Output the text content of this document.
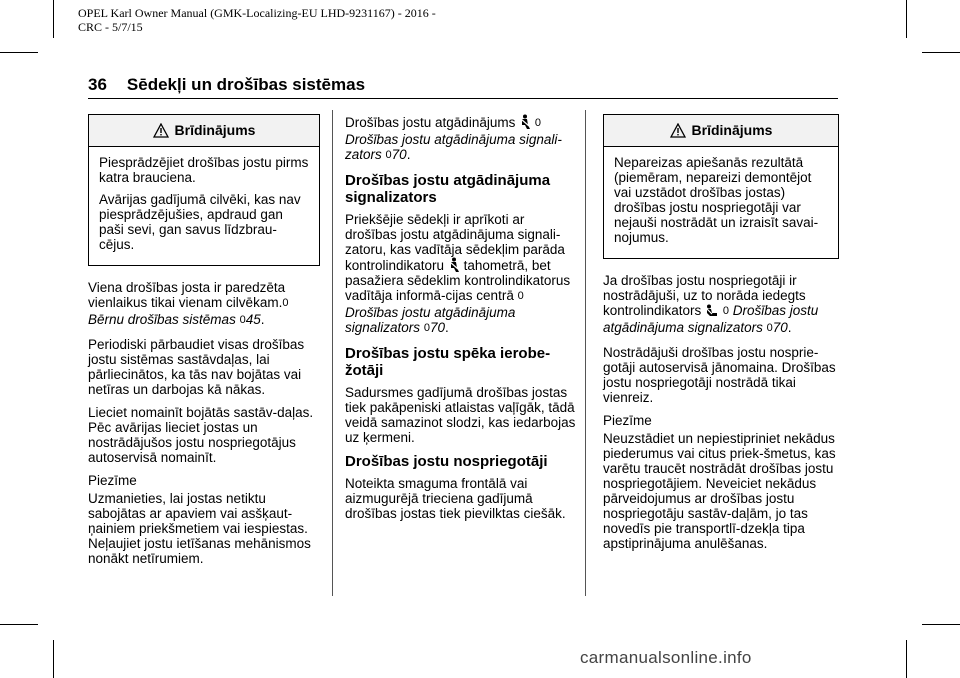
OPEL Karl Owner Manual (GMK-Localizing-EU LHD-9231167) - 2016 -
CRC - 5/7/15
36 Sēdekļi un drošības sistēmas
Brīdinājums

Piesprādzējiet drošības jostu pirms katra brauciena.

Avārijas gadījumā cilvēki, kas nav piesprādzējušies, apdraud gan paši sevi, gan savus līdzbrau-cējus.

Viena drošības josta ir paredzēta vienlaikus tikai vienam cilvēkam.0 Bērnu drošības sistēmas 045.

Periodiski pārbaudiet visas drošības jostu sistēmas sastāvdaļas, lai pārliecinātos, ka tās nav bojātas vai netīras un darbojas kā nākas.

Lieciet nomainīt bojātās sastāv-daļas. Pēc avārijas lieciet jostas un nostrādājušos jostu nospriegotājus autoservisā nomainīt.

Piezīme

Uzmanieties, lai jostas netiktu sabojātas ar apaviem vai asšķaut-ņainiem priekšmetiem vai iespiestas. Neļaujiet jostu ietīšanas mehānismos nonākt netīrumiem.

Drošības jostu atgādinājums 0 Drošības jostu atgādinājuma signali-zators 070.

Drošības jostu atgādinājuma signalizators

Priekšējie sēdekļi ir aprīkoti ar drošības jostu atgādinājuma signali-zatoru, kas vadītāja sēdekļim parāda kontrolindikatoru tahometrā, bet pasažiera sēdeklim kontrolindikatorus vadītāja informā-cijas centrā 0 Drošības jostu atgādinājuma signalizators 070.

Drošības jostu spēka ierobe-žotāji

Sadursmes gadījumā drošības jostas tiek pakāpeniski atlaistas vaļīgāk, tādā veidā samazinot slodzi, kas iedarbojas uz ķermeni.

Drošības jostu nospriegotāji

Noteikta smaguma frontālā vai aizmugurējā trieciena gadījumā drošības jostas tiek pievilktas ciešāk.

Brīdinājums

Nepareizas apiešanās rezultātā (piemēram, nepareizi demontējot vai uzstādot drošības jostas) drošības jostu nospriegotāji var nejauši nostrādāt un izraisīt savai-nojumus.

Ja drošības jostu nospriegotāji ir nostrādājuši, uz to norāda iedegts kontrolindikators 0 Drošības jostu atgādinājuma signalizators 070.

Nostrādājuši drošības jostu nosprie-gotāji autoservisā jānomaina. Drošības jostu nospriegotāji nostrādā tikai vienreiz.

Piezīme

Neuzstādiet un nepiestipriniet nekādus piederumus vai citus priek-šmetus, kas varētu traucēt nostrādāt drošības jostu nospriegotājiem. Neveiciet nekādus pārveidojumus ar drošības jostu nospriegotāju sastāv-daļām, jo tas novedīs pie transportlī-dzekļa tipa apstiprinājuma anulēšanas.

carmanualsonline.info
